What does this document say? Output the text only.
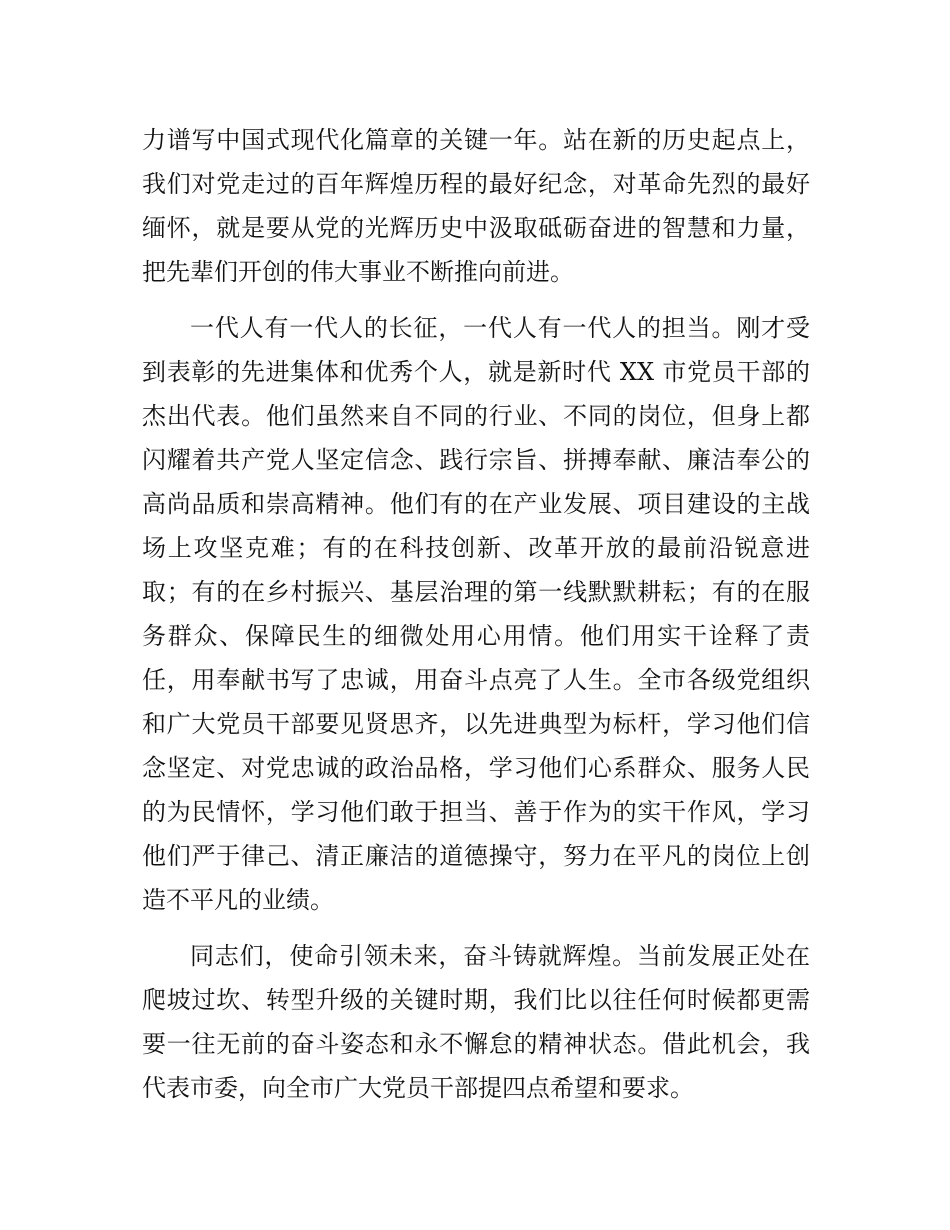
力谱写中国式现代化篇章的关键一年。站在新的历史起点上，
我们对党走过的百年辉煌历程的最好纪念，对革命先烈的最好
缅怀，就是要从党的光辉历史中汲取砥砺奋进的智慧和力量，
把先辈们开创的伟大事业不断推向前进。
一代人有一代人的长征，一代人有一代人的担当。刚才受
到表彰的先进集体和优秀个人，就是新时代 XX 市党员干部的
杰出代表。他们虽然来自不同的行业、不同的岗位，但身上都
闪耀着共产党人坚定信念、践行宗旨、拼搏奉献、廉洁奉公的
高尚品质和崇高精神。他们有的在产业发展、项目建设的主战
场上攻坚克难；有的在科技创新、改革开放的最前沿锐意进
取；有的在乡村振兴、基层治理的第一线默默耕耘；有的在服
务群众、保障民生的细微处用心用情。他们用实干诠释了责
任，用奉献书写了忠诚，用奋斗点亮了人生。全市各级党组织
和广大党员干部要见贤思齐，以先进典型为标杆，学习他们信
念坚定、对党忠诚的政治品格，学习他们心系群众、服务人民
的为民情怀，学习他们敢于担当、善于作为的实干作风，学习
他们严于律己、清正廉洁的道德操守，努力在平凡的岗位上创
造不平凡的业绩。
同志们，使命引领未来，奋斗铸就辉煌。当前发展正处在
爬坡过坎、转型升级的关键时期，我们比以往任何时候都更需
要一往无前的奋斗姿态和永不懈怠的精神状态。借此机会，我
代表市委，向全市广大党员干部提四点希望和要求。
